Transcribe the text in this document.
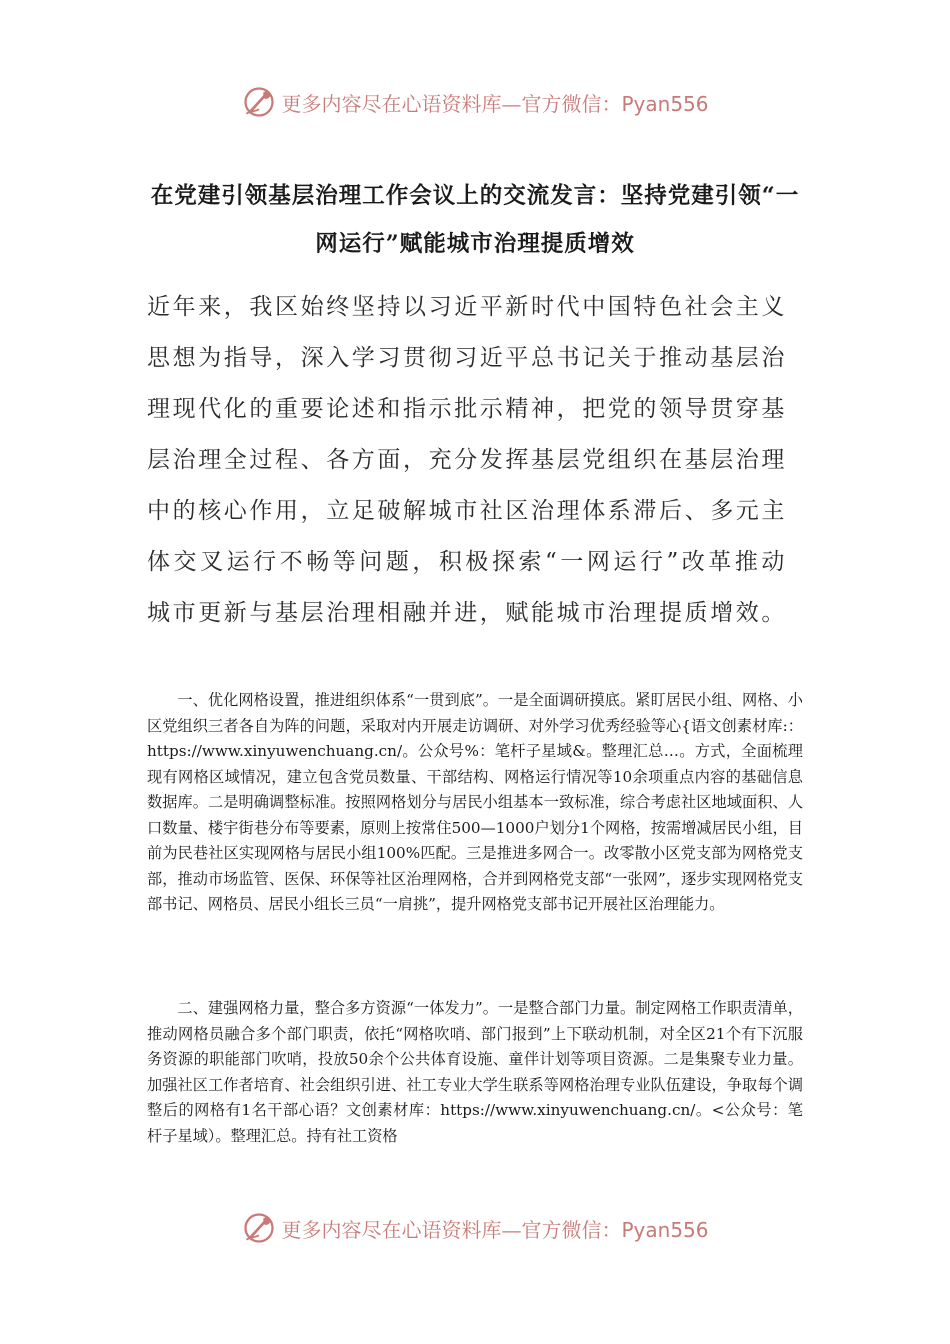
更多内容尽在心语资料库—官方微信：Pyan556
在党建引领基层治理工作会议上的交流发言：坚持党建引领“一网运行”赋能城市治理提质增效

近年来，我区始终坚持以习近平新时代中国特色社会主义思想为指导，深入学习贯彻习近平总书记关于推动基层治理现代化的重要论述和指示批示精神，把党的领导贯穿基层治理全过程、各方面，充分发挥基层党组织在基层治理中的核心作用，立足破解城市社区治理体系滞后、多元主体交叉运行不畅等问题，积极探索“一网运行”改革推动城市更新与基层治理相融并进，赋能城市治理提质增效。

一、优化网格设置，推进组织体系“一贯到底”。一是全面调研摸底。紧盯居民小组、网格、小区党组织三者各自为阵的问题，采取对内开展走访调研、对外学习优秀经验等心{语文创素材库:：https://www.xinyuwenchuang.cn/。公众号%：笔杆子星域&。整理汇总…。方式，全面梳理现有网格区域情况，建立包含党员数量、干部结构、网格运行情况等10余项重点内容的基础信息数据库。二是明确调整标准。按照网格划分与居民小组基本一致标准，综合考虑社区地域面积、人口数量、楼宇街巷分布等要素，原则上按常住500—1000户划分1个网格，按需增减居民小组，目前为民巷社区实现网格与居民小组100%匹配。三是推进多网合一。改零散小区党支部为网格党支部，推动市场监管、医保、环保等社区治理网格，合并到网格党支部“一张网”，逐步实现网格党支部书记、网格员、居民小组长三员“一肩挑”，提升网格党支部书记开展社区治理能力。

二、建强网格力量，整合多方资源“一体发力”。一是整合部门力量。制定网格工作职责清单，推动网格员融合多个部门职责，依托“网格吹哨、部门报到”上下联动机制，对全区21个有下沉服务资源的职能部门吹哨，投放50余个公共体育设施、童伴计划等项目资源。二是集聚专业力量。加强社区工作者培育、社会组织引进、社工专业大学生联系等网格治理专业队伍建设，争取每个调整后的网格有1名干部心语？文创素材库：https://www.xinyuwenchuang.cn/。<公众号：笔杆子星域）。整理汇总。持有社工资格

更多内容尽在心语资料库—官方微信：Pyan556
